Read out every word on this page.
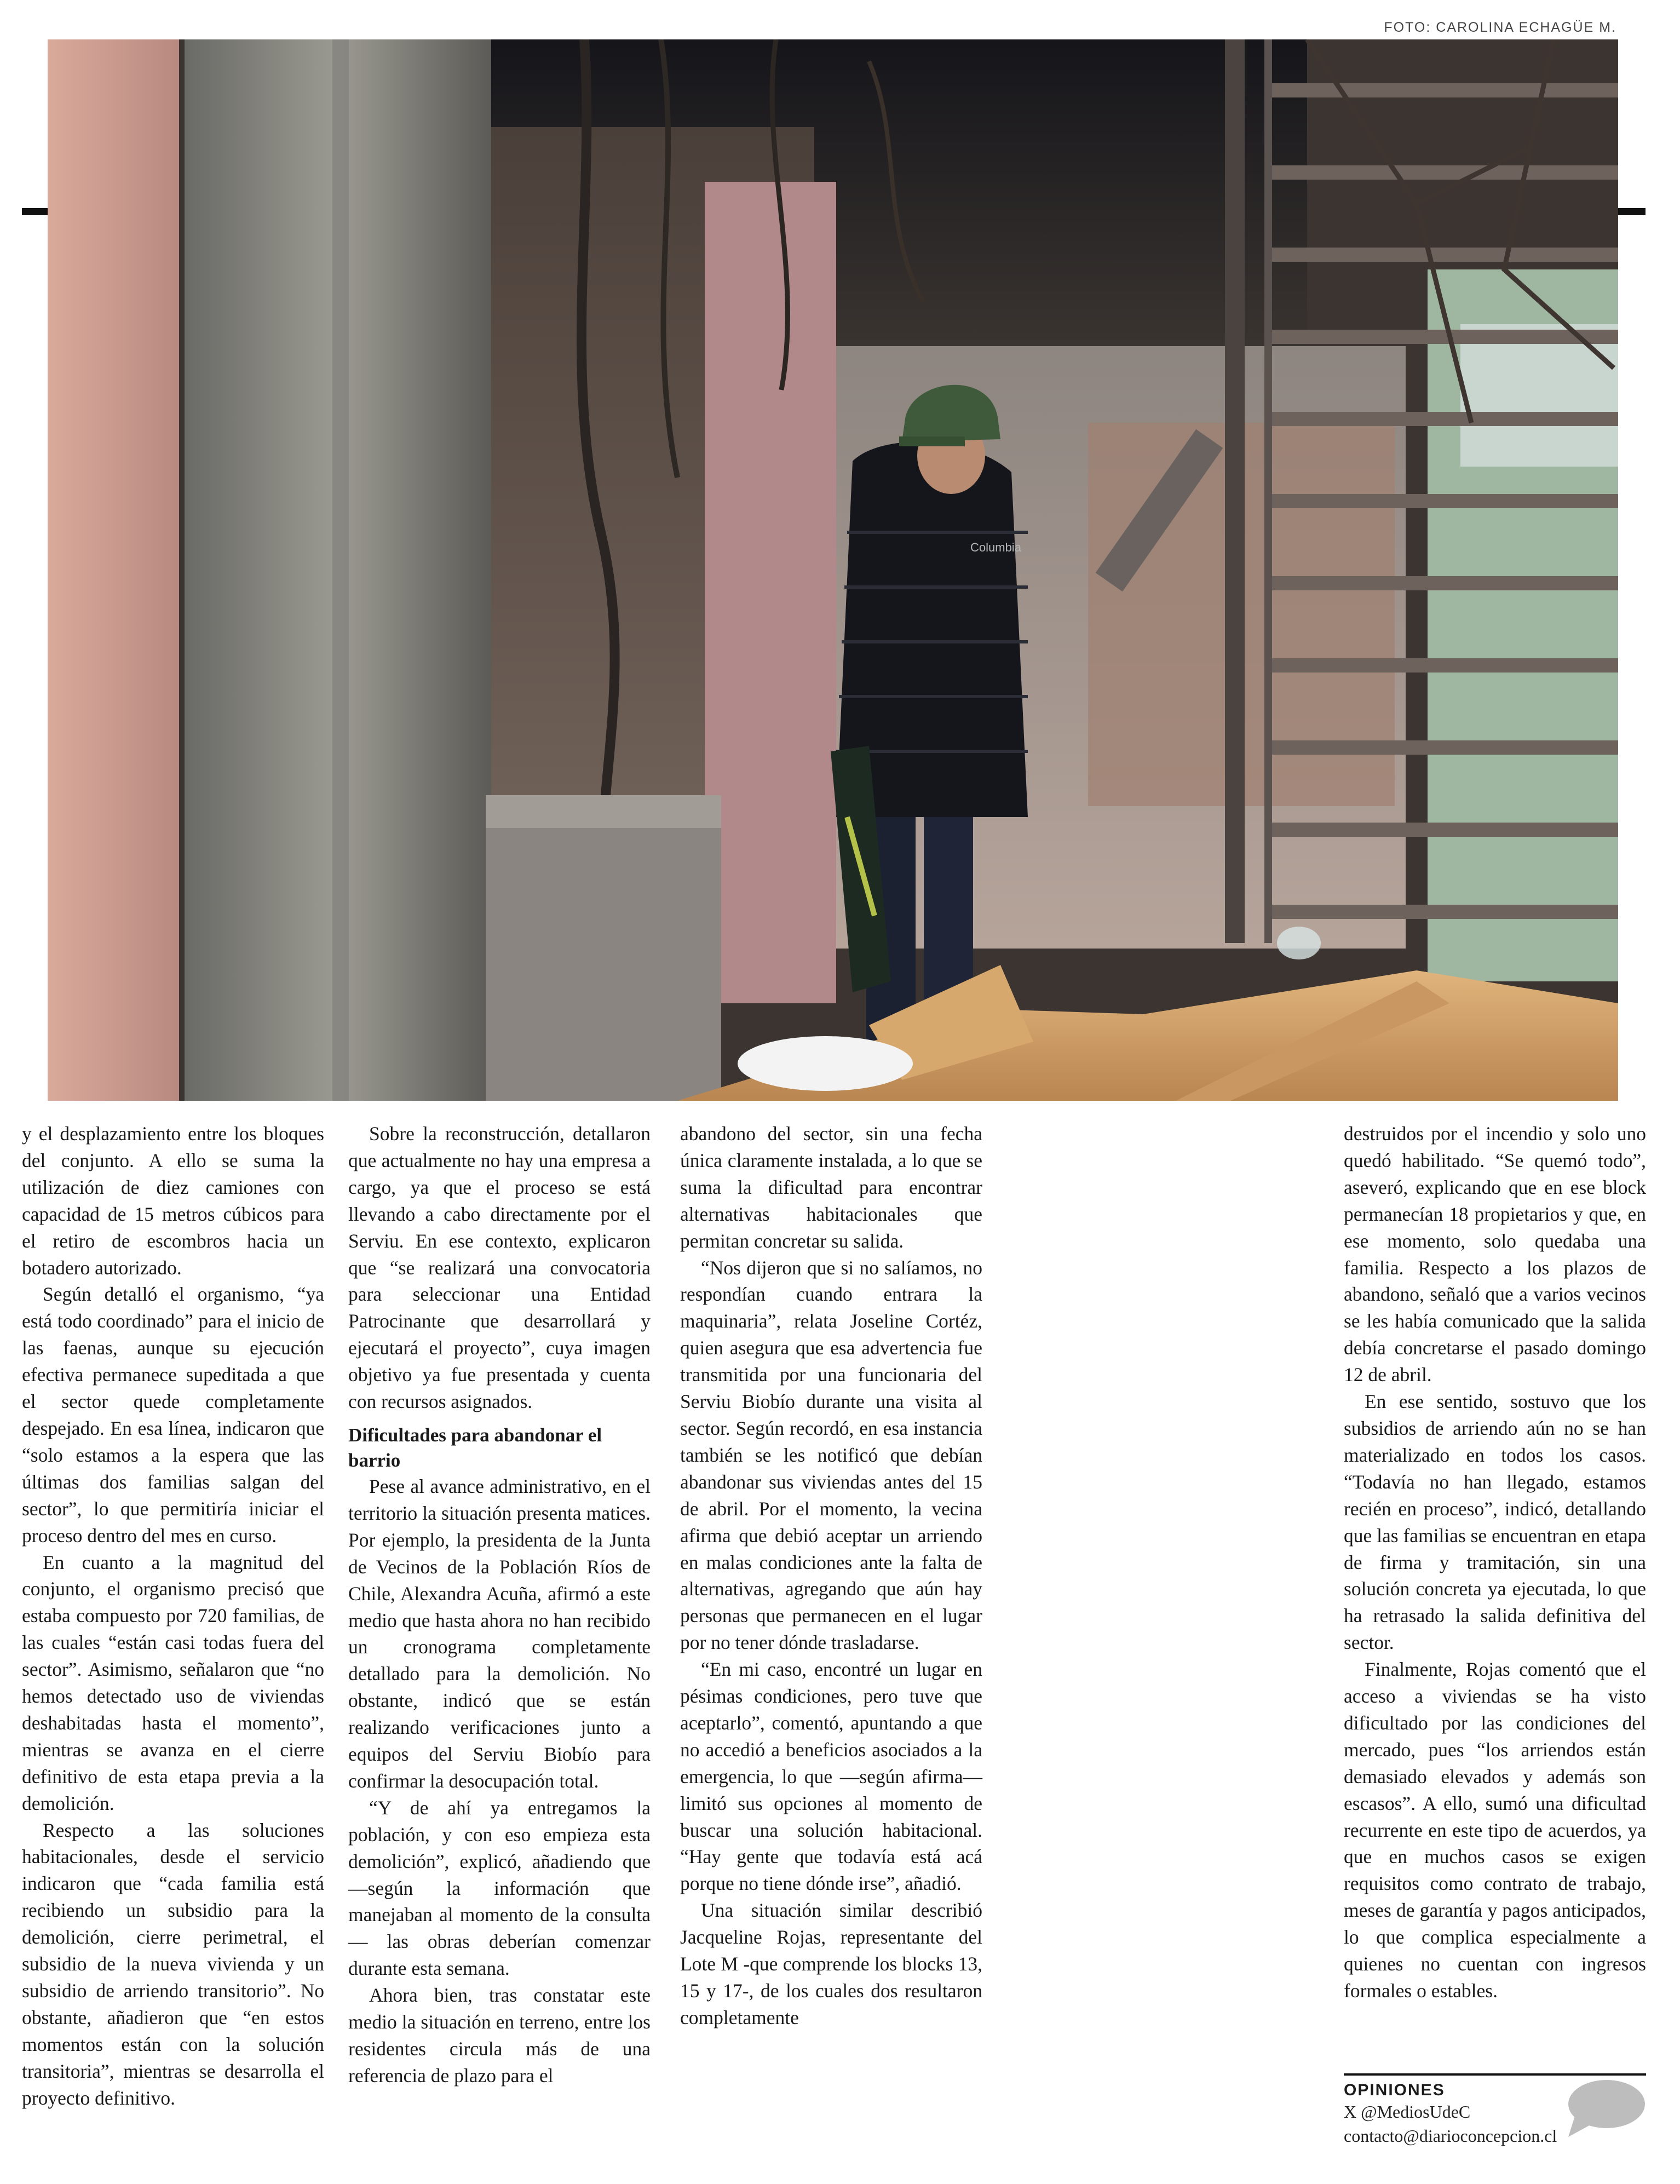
FOTO: CAROLINA ECHAGÜE M.
Columbia

y el desplazamiento entre los bloques del conjunto. A ello se suma la utilización de diez camiones con capacidad de 15 metros cúbicos para el retiro de escombros hacia un botadero autorizado.

Según detalló el organismo, “ya está todo coordinado” para el inicio de las faenas, aunque su ejecución efectiva permanece supeditada a que el sector quede completamente despejado. En esa línea, indicaron que “solo estamos a la espera que las últimas dos familias salgan del sector”, lo que permitiría iniciar el proceso dentro del mes en curso.

En cuanto a la magnitud del conjunto, el organismo precisó que estaba compuesto por 720 familias, de las cuales “están casi todas fuera del sector”. Asimismo, señalaron que “no hemos detectado uso de viviendas deshabitadas hasta el momento”, mientras se avanza en el cierre definitivo de esta etapa previa a la demolición.

Respecto a las soluciones habitacionales, desde el servicio indicaron que “cada familia está recibiendo un subsidio para la demolición, cierre perimetral, el subsidio de la nueva vivienda y un subsidio de arriendo transitorio”. No obstante, añadieron que “en estos momentos están con la solución transitoria”, mientras se desarrolla el proyecto definitivo.

Sobre la reconstrucción, detallaron que actualmente no hay una empresa a cargo, ya que el proceso se está llevando a cabo directamente por el Serviu. En ese contexto, explicaron que “se realizará una convocatoria para seleccionar una Entidad Patrocinante que desarrollará y ejecutará el proyecto”, cuya imagen objetivo ya fue presentada y cuenta con recursos asignados.

Dificultades para abandonar el barrio

Pese al avance administrativo, en el territorio la situación presenta matices. Por ejemplo, la presidenta de la Junta de Vecinos de la Población Ríos de Chile, Alexandra Acuña, afirmó a este medio que hasta ahora no han recibido un cronograma completamente detallado para la demolición. No obstante, indicó que se están realizando verificaciones junto a equipos del Serviu Biobío para confirmar la desocupación total.

“Y de ahí ya entregamos la población, y con eso empieza esta demolición”, explicó, añadiendo que —según la información que manejaban al momento de la consulta— las obras deberían comenzar durante esta semana.

Ahora bien, tras constatar este medio la situación en terreno, entre los residentes circula más de una referencia de plazo para el

abandono del sector, sin una fecha única claramente instalada, a lo que se suma la dificultad para encontrar alternativas habitacionales que permitan concretar su salida.

“Nos dijeron que si no salíamos, no respondían cuando entrara la maquinaria”, relata Joseline Cortéz, quien asegura que esa advertencia fue transmitida por una funcionaria del Serviu Biobío durante una visita al sector. Según recordó, en esa instancia también se les notificó que debían abandonar sus viviendas antes del 15 de abril. Por el momento, la vecina afirma que debió aceptar un arriendo en malas condiciones ante la falta de alternativas, agregando que aún hay personas que permanecen en el lugar por no tener dónde trasladarse.

“En mi caso, encontré un lugar en pésimas condiciones, pero tuve que aceptarlo”, comentó, apuntando a que no accedió a beneficios asociados a la emergencia, lo que —según afirma— limitó sus opciones al momento de buscar una solución habitacional. “Hay gente que todavía está acá porque no tiene dónde irse”, añadió.

Una situación similar describió Jacqueline Rojas, representante del Lote M -que comprende los blocks 13, 15 y 17-, de los cuales dos resultaron completamente

destruidos por el incendio y solo uno quedó habilitado. “Se quemó todo”, aseveró, explicando que en ese block permanecían 18 propietarios y que, en ese momento, solo quedaba una familia. Respecto a los plazos de abandono, señaló que a varios vecinos se les había comunicado que la salida debía concretarse el pasado domingo 12 de abril.

En ese sentido, sostuvo que los subsidios de arriendo aún no se han materializado en todos los casos. “Todavía no han llegado, estamos recién en proceso”, indicó, detallando que las familias se encuentran en etapa de firma y tramitación, sin una solución concreta ya ejecutada, lo que ha retrasado la salida definitiva del sector.

Finalmente, Rojas comentó que el acceso a viviendas se ha visto dificultado por las condiciones del mercado, pues “los arriendos están demasiado elevados y además son escasos”. A ello, sumó una dificultad recurrente en este tipo de acuerdos, ya que en muchos casos se exigen requisitos como contrato de trabajo, meses de garantía y pagos anticipados, lo que complica especialmente a quienes no cuentan con ingresos formales o estables.

OPINIONES
X @MediosUdeC
contacto@diarioconcepcion.cl
